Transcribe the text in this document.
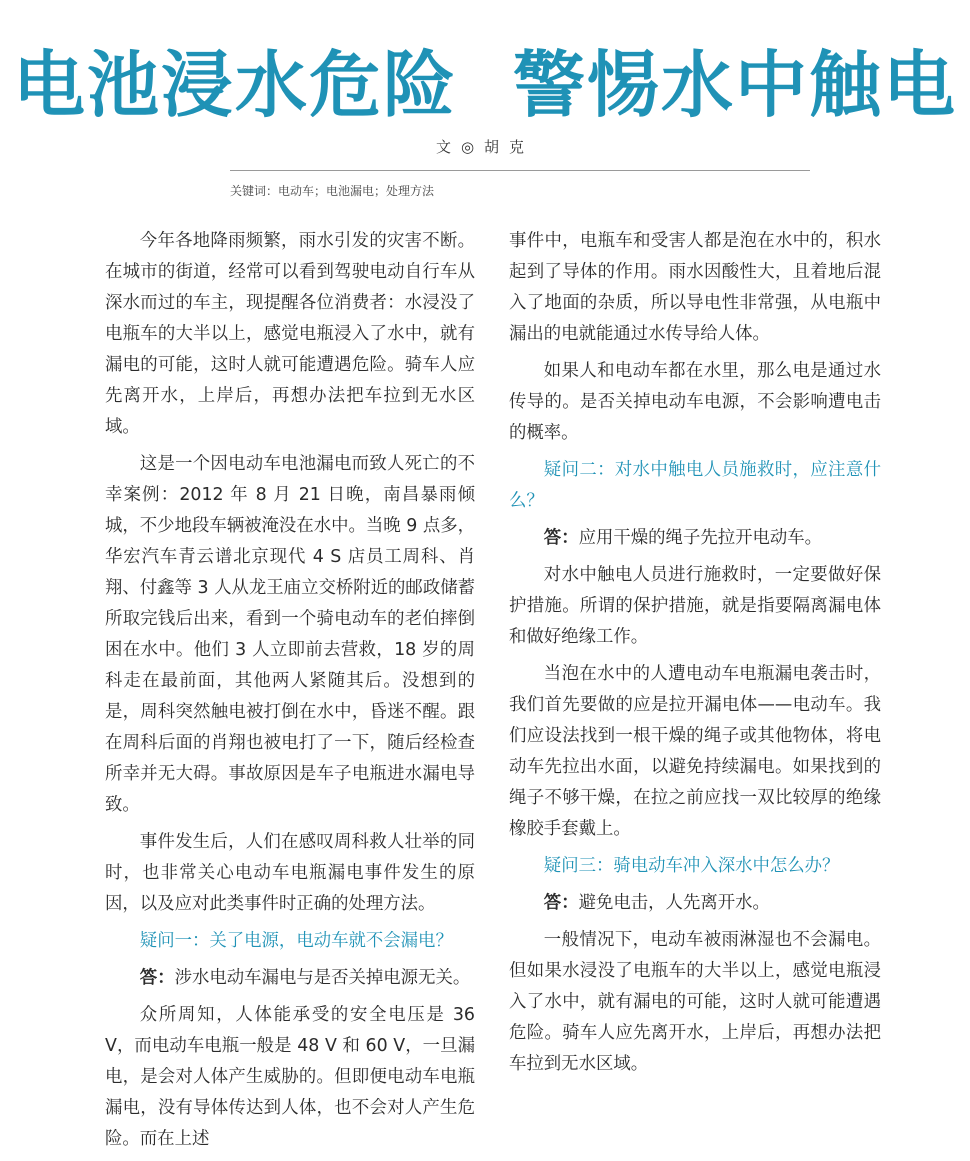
电池浸水危险 警惕水中触电
文◎胡克
关键词：电动车；电池漏电；处理方法

今年各地降雨频繁，雨水引发的灾害不断。在城市的街道，经常可以看到驾驶电动自行车从深水而过的车主，现提醒各位消费者：水浸没了电瓶车的大半以上，感觉电瓶浸入了水中，就有漏电的可能，这时人就可能遭遇危险。骑车人应先离开水，上岸后，再想办法把车拉到无水区域。

这是一个因电动车电池漏电而致人死亡的不幸案例：2012 年 8 月 21 日晚，南昌暴雨倾城，不少地段车辆被淹没在水中。当晚 9 点多，华宏汽车青云谱北京现代 4 S 店员工周科、肖翔、付鑫等 3 人从龙王庙立交桥附近的邮政储蓄所取完钱后出来，看到一个骑电动车的老伯摔倒困在水中。他们 3 人立即前去营救，18 岁的周科走在最前面，其他两人紧随其后。没想到的是，周科突然触电被打倒在水中，昏迷不醒。跟在周科后面的肖翔也被电打了一下，随后经检查所幸并无大碍。事故原因是车子电瓶进水漏电导致。

事件发生后，人们在感叹周科救人壮举的同时，也非常关心电动车电瓶漏电事件发生的原因，以及应对此类事件时正确的处理方法。

疑问一：关了电源，电动车就不会漏电？

答：涉水电动车漏电与是否关掉电源无关。

众所周知，人体能承受的安全电压是 36 V，而电动车电瓶一般是 48 V 和 60 V，一旦漏电，是会对人体产生威胁的。但即便电动车电瓶漏电，没有导体传达到人体，也不会对人产生危险。而在上述

事件中，电瓶车和受害人都是泡在水中的，积水起到了导体的作用。雨水因酸性大，且着地后混入了地面的杂质，所以导电性非常强，从电瓶中漏出的电就能通过水传导给人体。

如果人和电动车都在水里，那么电是通过水传导的。是否关掉电动车电源，不会影响遭电击的概率。

疑问二：对水中触电人员施救时，应注意什么？

答：应用干燥的绳子先拉开电动车。

对水中触电人员进行施救时，一定要做好保护措施。所谓的保护措施，就是指要隔离漏电体和做好绝缘工作。

当泡在水中的人遭电动车电瓶漏电袭击时，我们首先要做的应是拉开漏电体——电动车。我们应设法找到一根干燥的绳子或其他物体，将电动车先拉出水面，以避免持续漏电。如果找到的绳子不够干燥，在拉之前应找一双比较厚的绝缘橡胶手套戴上。

疑问三：骑电动车冲入深水中怎么办？

答：避免电击，人先离开水。

一般情况下，电动车被雨淋湿也不会漏电。但如果水浸没了电瓶车的大半以上，感觉电瓶浸入了水中，就有漏电的可能，这时人就可能遭遇危险。骑车人应先离开水，上岸后，再想办法把车拉到无水区域。
